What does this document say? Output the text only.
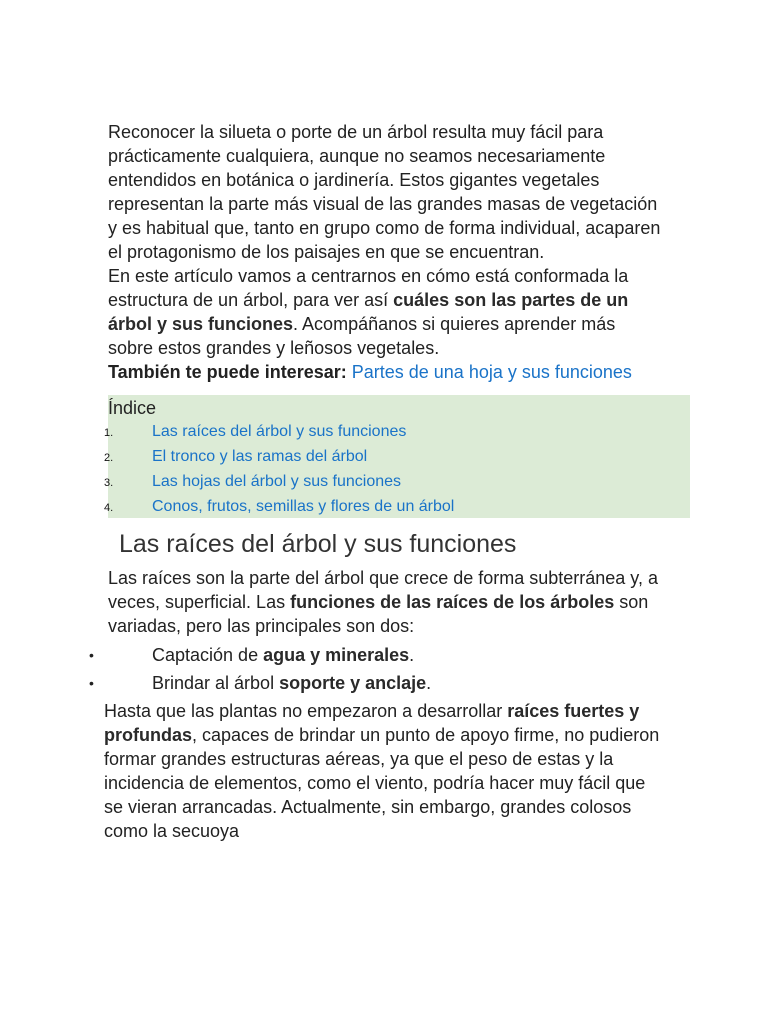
Reconocer la silueta o porte de un árbol resulta muy fácil para prácticamente cualquiera, aunque no seamos necesariamente entendidos en botánica o jardinería. Estos gigantes vegetales representan la parte más visual de las grandes masas de vegetación y es habitual que, tanto en grupo como de forma individual, acaparen el protagonismo de los paisajes en que se encuentran.

En este artículo vamos a centrarnos en cómo está conformada la estructura de un árbol, para ver así cuáles son las partes de un árbol y sus funciones. Acompáñanos si quieres aprender más sobre estos grandes y leñosos vegetales.

También te puede interesar: Partes de una hoja y sus funciones

Índice
1. Las raíces del árbol y sus funciones
2. El tronco y las ramas del árbol
3. Las hojas del árbol y sus funciones
4. Conos, frutos, semillas y flores de un árbol
Las raíces del árbol y sus funciones

Las raíces son la parte del árbol que crece de forma subterránea y, a veces, superficial. Las funciones de las raíces de los árboles son variadas, pero las principales son dos:

•	Captación de agua y minerales.
•	Brindar al árbol soporte y anclaje.

Hasta que las plantas no empezaron a desarrollar raíces fuertes y profundas, capaces de brindar un punto de apoyo firme, no pudieron formar grandes estructuras aéreas, ya que el peso de estas y la incidencia de elementos, como el viento, podría hacer muy fácil que se vieran arrancadas. Actualmente, sin embargo, grandes colosos como la secuoya
